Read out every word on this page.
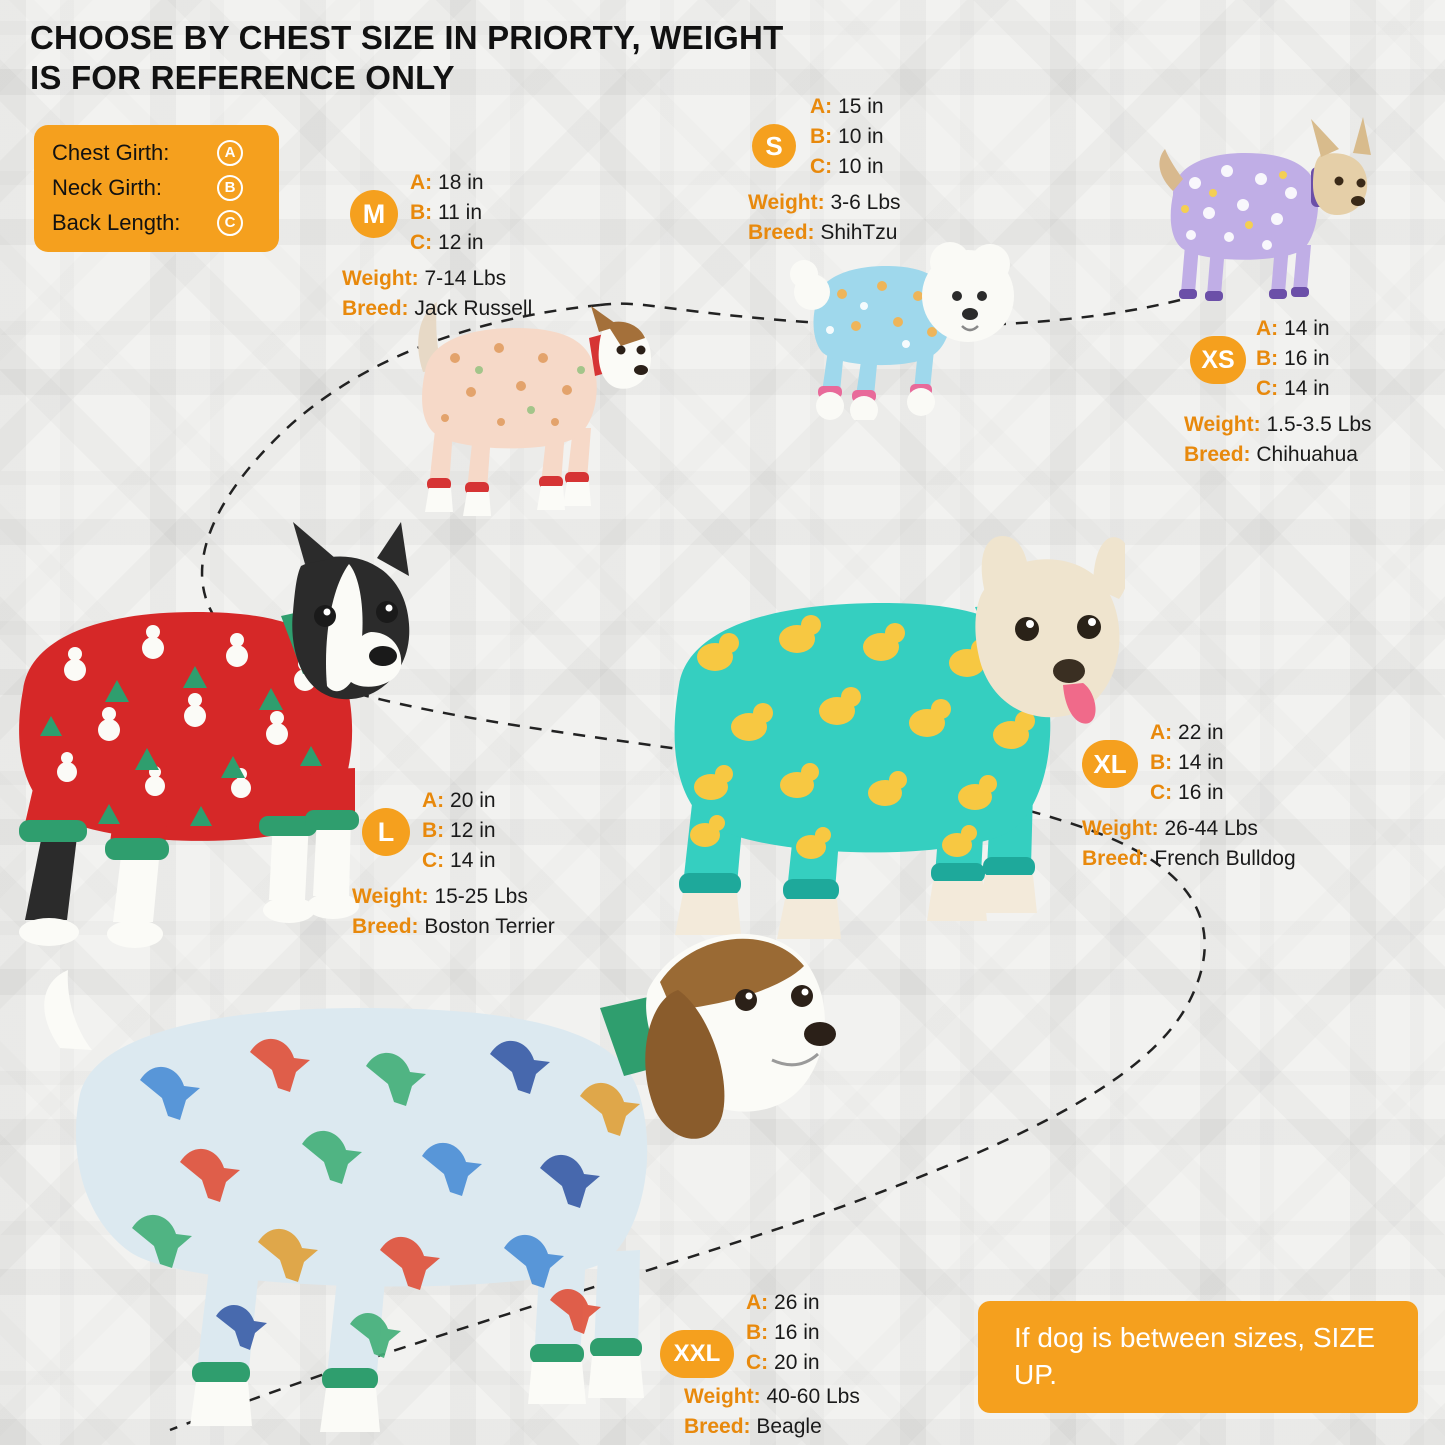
CHOOSE BY CHEST SIZE IN PRIORTY, WEIGHT IS FOR REFERENCE ONLY
Chest Girth:	A
Neck Girth:	B
Back Length:	C
S
A: 15 in
B: 10 in
C: 10 in
Weight: 3-6 Lbs
Breed: ShihTzu
M
A: 18 in
B: 11 in
C: 12 in
Weight: 7-14 Lbs
Breed: Jack Russell
XS
A: 14 in
B: 16 in
C: 14 in
Weight: 1.5-3.5 Lbs
Breed: Chihuahua
L
A: 20 in
B: 12 in
C: 14 in
Weight: 15-25 Lbs
Breed: Boston Terrier
XL
A: 22 in
B: 14 in
C: 16 in
Weight: 26-44 Lbs
Breed: French Bulldog
XXL
A: 26 in
B: 16 in
C: 20 in
Weight: 40-60 Lbs
Breed: Beagle
If dog is between sizes, SIZE UP.
